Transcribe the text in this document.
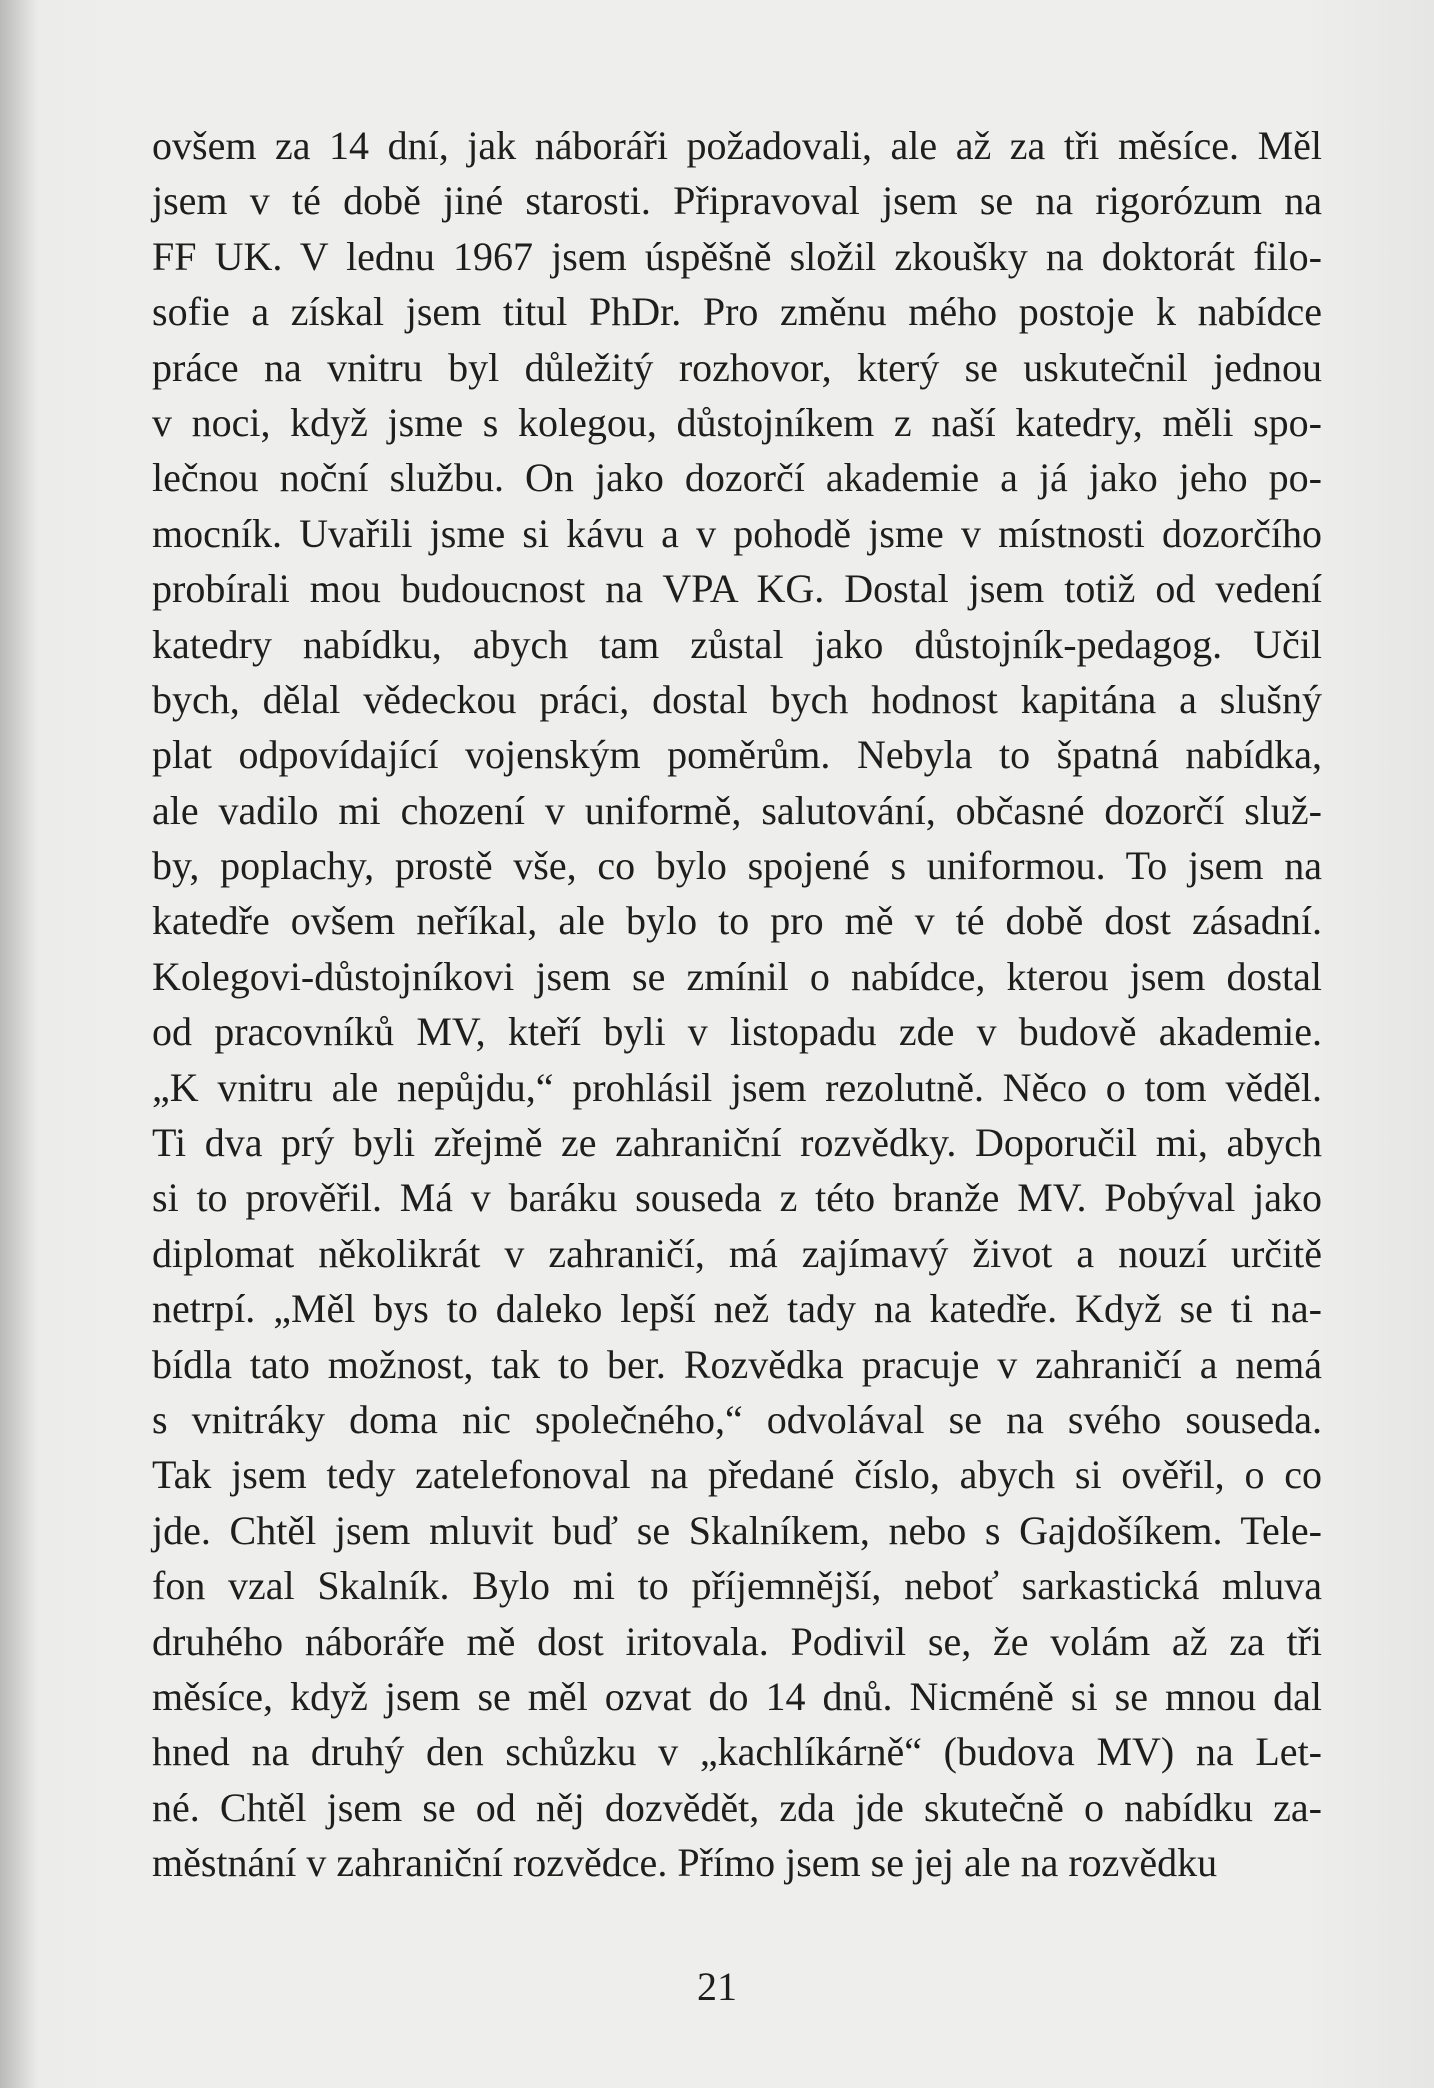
ovšem za 14 dní, jak náboráři požadovali, ale až za tři měsíce. Měl
jsem v té době jiné starosti. Připravoval jsem se na rigorózum na
FF UK. V lednu 1967 jsem úspěšně složil zkoušky na doktorát filo-
sofie a získal jsem titul PhDr. Pro změnu mého postoje k nabídce
práce na vnitru byl důležitý rozhovor, který se uskutečnil jednou
v noci, když jsme s kolegou, důstojníkem z naší katedry, měli spo-
lečnou noční službu. On jako dozorčí akademie a já jako jeho po-
mocník. Uvařili jsme si kávu a v pohodě jsme v místnosti dozorčího
probírali mou budoucnost na VPA KG. Dostal jsem totiž od vedení
katedry nabídku, abych tam zůstal jako důstojník-pedagog. Učil
bych, dělal vědeckou práci, dostal bych hodnost kapitána a slušný
plat odpovídající vojenským poměrům. Nebyla to špatná nabídka,
ale vadilo mi chození v uniformě, salutování, občasné dozorčí služ-
by, poplachy, prostě vše, co bylo spojené s uniformou. To jsem na
katedře ovšem neříkal, ale bylo to pro mě v té době dost zásadní.
Kolegovi-důstojníkovi jsem se zmínil o nabídce, kterou jsem dostal
od pracovníků MV, kteří byli v listopadu zde v budově akademie.
„K vnitru ale nepůjdu,“ prohlásil jsem rezolutně. Něco o tom věděl.
Ti dva prý byli zřejmě ze zahraniční rozvědky. Doporučil mi, abych
si to prověřil. Má v baráku souseda z této branže MV. Pobýval jako
diplomat několikrát v zahraničí, má zajímavý život a nouzí určitě
netrpí. „Měl bys to daleko lepší než tady na katedře. Když se ti na-
bídla tato možnost, tak to ber. Rozvědka pracuje v zahraničí a nemá
s vnitráky doma nic společného,“ odvolával se na svého souseda.
Tak jsem tedy zatelefonoval na předané číslo, abych si ověřil, o co
jde. Chtěl jsem mluvit buď se Skalníkem, nebo s Gajdošíkem. Tele-
fon vzal Skalník. Bylo mi to příjemnější, neboť sarkastická mluva
druhého náboráře mě dost iritovala. Podivil se, že volám až za tři
měsíce, když jsem se měl ozvat do 14 dnů. Nicméně si se mnou dal
hned na druhý den schůzku v „kachlíkárně“ (budova MV) na Let-
né. Chtěl jsem se od něj dozvědět, zda jde skutečně o nabídku za-
městnání v zahraniční rozvědce. Přímo jsem se jej ale na rozvědku
21
